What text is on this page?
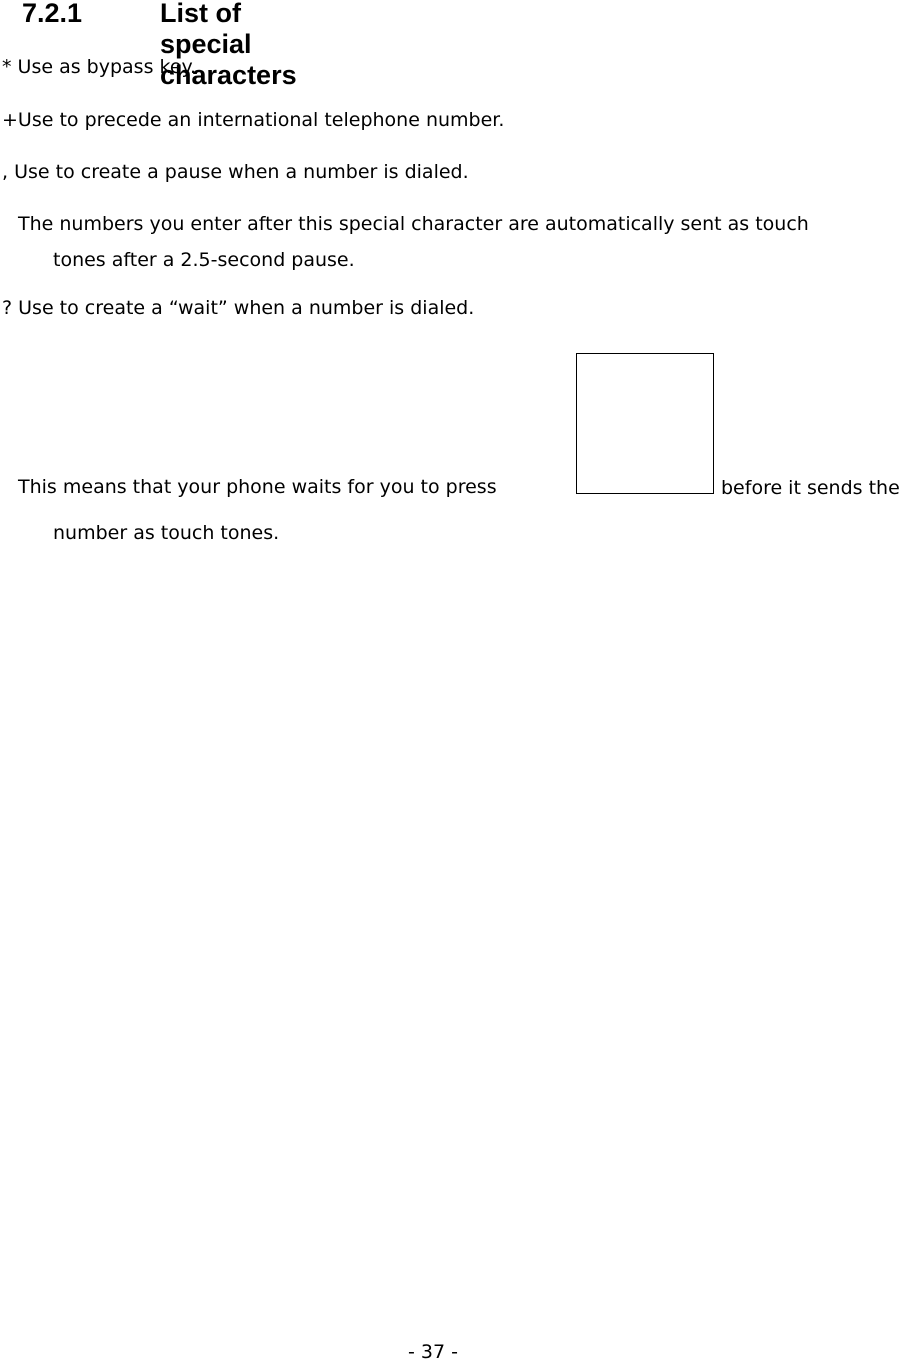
7.2.1	List of special characters
* Use as bypass key.
+Use to precede an international telephone number.
, Use to create a pause when a number is dialed.
The numbers you enter after this special character are automatically sent as touch
tones after a 2.5-second pause.
? Use to create a “wait” when a number is dialed.
This means that your phone waits for you to press	before it sends the
number as touch tones.
- 37 -
